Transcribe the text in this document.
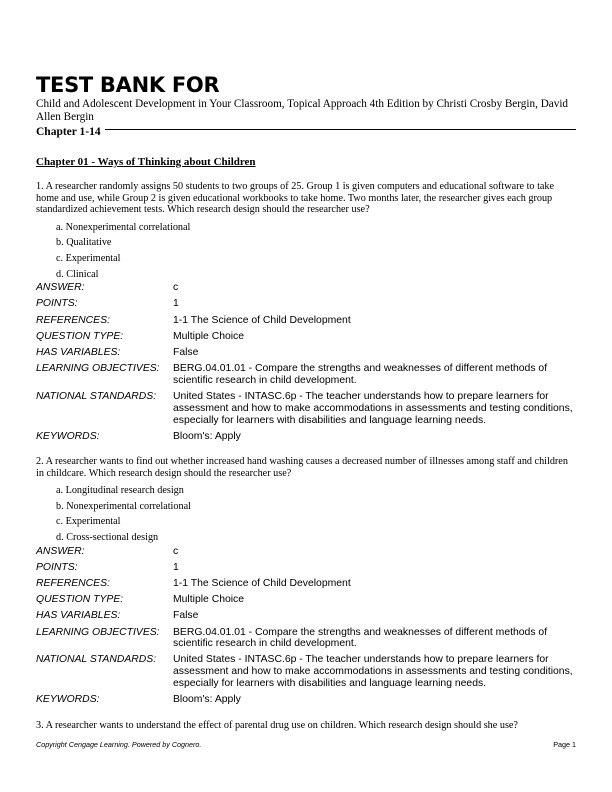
TEST BANK FOR
Child and Adolescent Development in Your Classroom, Topical Approach 4th Edition by Christi Crosby Bergin, David Allen Bergin
Chapter 1-14
Chapter 01 - Ways of Thinking about Children
1. A researcher randomly assigns 50 students to two groups of 25. Group 1 is given computers and educational software to take home and use, while Group 2 is given educational workbooks to take home. Two months later, the researcher gives each group standardized achievement tests. Which research design should the researcher use?
a. Nonexperimental correlational
b. Qualitative
c. Experimental
d. Clinical
ANSWER:	c
POINTS:	1
REFERENCES:	1-1 The Science of Child Development
QUESTION TYPE:	Multiple Choice
HAS VARIABLES:	False
LEARNING OBJECTIVES:	BERG.04.01.01 - Compare the strengths and weaknesses of different methods of scientific research in child development.
NATIONAL STANDARDS:	United States - INTASC.6p - The teacher understands how to prepare learners for assessment and how to make accommodations in assessments and testing conditions, especially for learners with disabilities and language learning needs.
KEYWORDS:	Bloom's: Apply
2. A researcher wants to find out whether increased hand washing causes a decreased number of illnesses among staff and children in childcare. Which research design should the researcher use?
a. Longitudinal research design
b. Nonexperimental correlational
c. Experimental
d. Cross-sectional design
ANSWER:	c
POINTS:	1
REFERENCES:	1-1 The Science of Child Development
QUESTION TYPE:	Multiple Choice
HAS VARIABLES:	False
LEARNING OBJECTIVES:	BERG.04.01.01 - Compare the strengths and weaknesses of different methods of scientific research in child development.
NATIONAL STANDARDS:	United States - INTASC.6p - The teacher understands how to prepare learners for assessment and how to make accommodations in assessments and testing conditions, especially for learners with disabilities and language learning needs.
KEYWORDS:	Bloom's: Apply
3. A researcher wants to understand the effect of parental drug use on children. Which research design should she use?
Copyright Cengage Learning. Powered by Cognero.	Page 1
